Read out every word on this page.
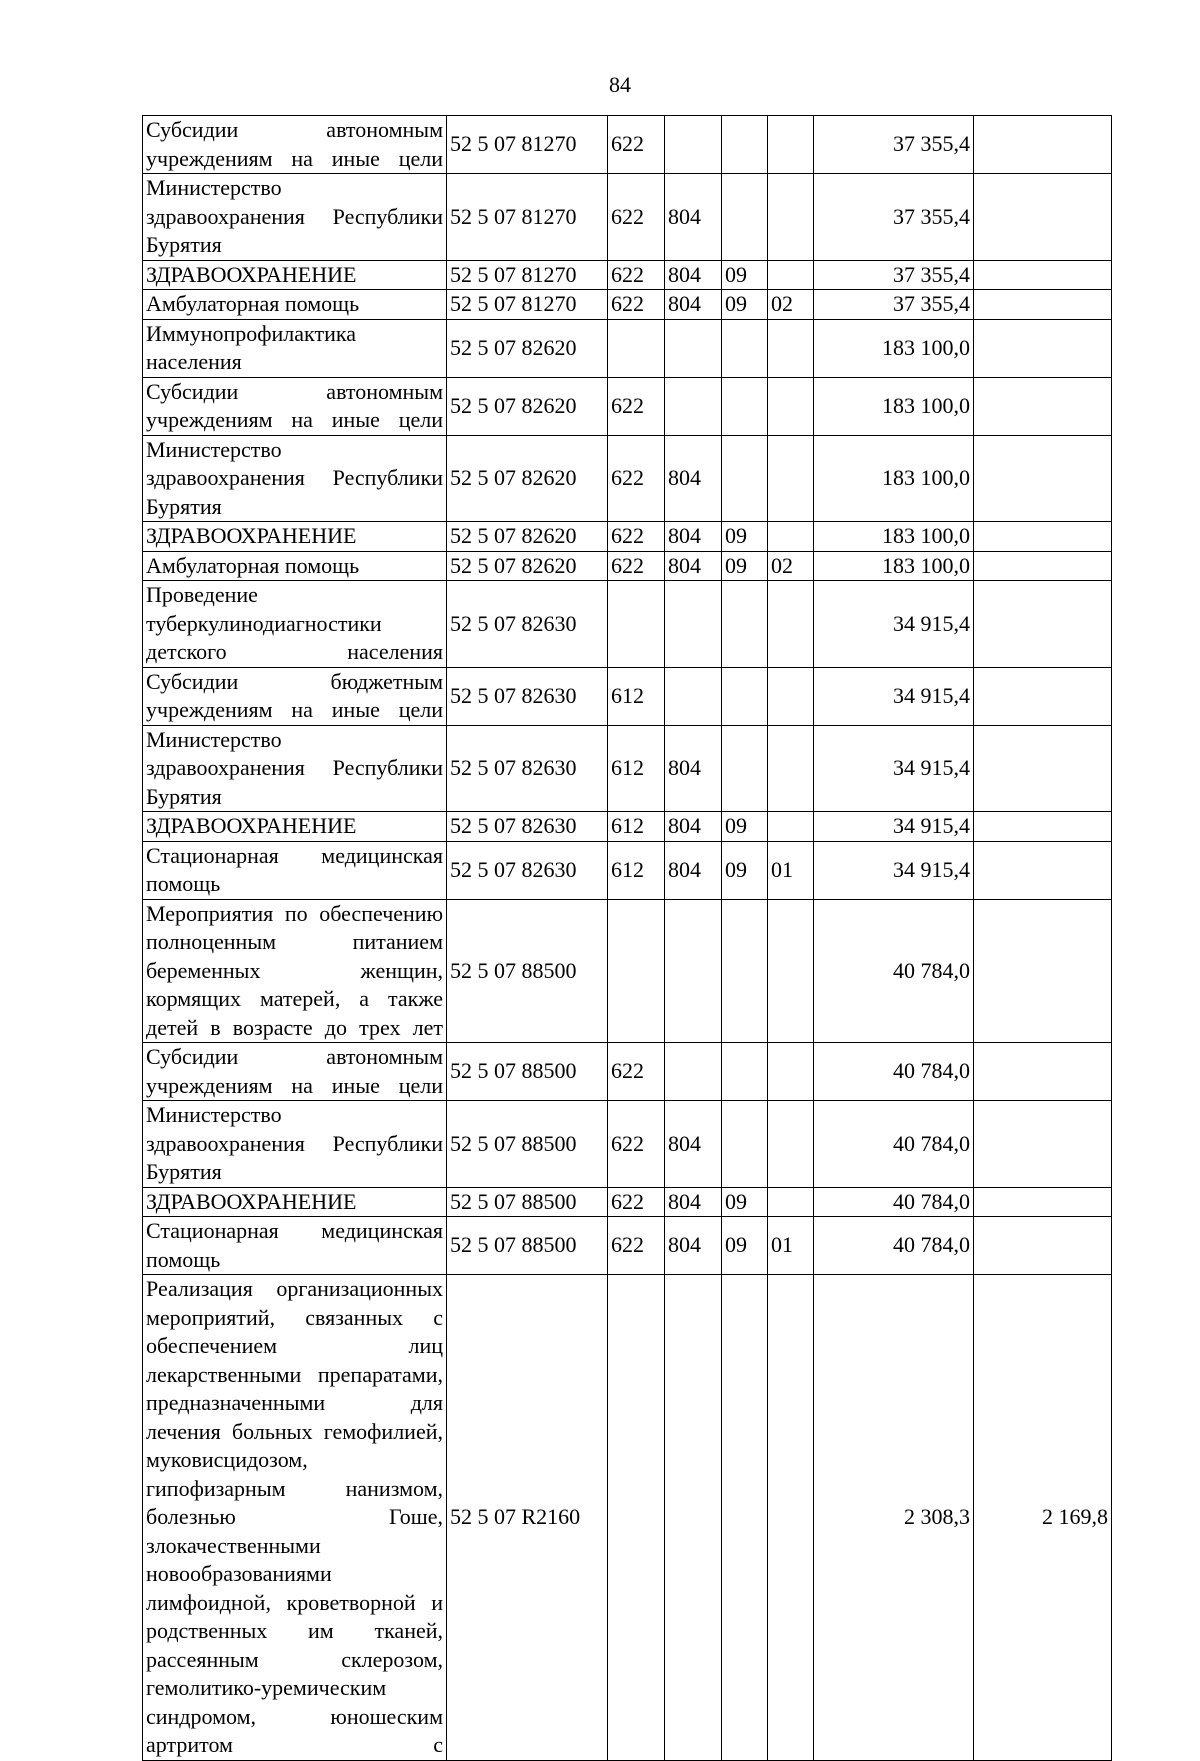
84
Субсидии автономным учреждениям на иные цели	52 5 07 81270	622				37 355,4	
Министерство здравоохранения Республики Бурятия	52 5 07 81270	622	804			37 355,4	
ЗДРАВООХРАНЕНИЕ	52 5 07 81270	622	804	09		37 355,4	
Амбулаторная помощь	52 5 07 81270	622	804	09	02	37 355,4	
Иммунопрофилактика населения	52 5 07 82620					183 100,0	
Субсидии автономным учреждениям на иные цели	52 5 07 82620	622				183 100,0	
Министерство здравоохранения Республики Бурятия	52 5 07 82620	622	804			183 100,0	
ЗДРАВООХРАНЕНИЕ	52 5 07 82620	622	804	09		183 100,0	
Амбулаторная помощь	52 5 07 82620	622	804	09	02	183 100,0	
Проведение туберкулинодиагностики детского населения	52 5 07 82630					34 915,4	
Субсидии бюджетным учреждениям на иные цели	52 5 07 82630	612				34 915,4	
Министерство здравоохранения Республики Бурятия	52 5 07 82630	612	804			34 915,4	
ЗДРАВООХРАНЕНИЕ	52 5 07 82630	612	804	09		34 915,4	
Стационарная медицинская помощь	52 5 07 82630	612	804	09	01	34 915,4	
Мероприятия по обеспечению полноценным питанием беременных женщин, кормящих матерей, а также детей в возрасте до трех лет	52 5 07 88500					40 784,0	
Субсидии автономным учреждениям на иные цели	52 5 07 88500	622				40 784,0	
Министерство здравоохранения Республики Бурятия	52 5 07 88500	622	804			40 784,0	
ЗДРАВООХРАНЕНИЕ	52 5 07 88500	622	804	09		40 784,0	
Стационарная медицинская помощь	52 5 07 88500	622	804	09	01	40 784,0	
Реализация организационных мероприятий, связанных с обеспечением лиц лекарственными препаратами, предназначенными для лечения больных гемофилией, муковисцидозом, гипофизарным нанизмом, болезнью Гоше, злокачественными новообразованиями лимфоидной, кроветворной и родственных им тканей, рассеянным склерозом, гемолитико-уремическим синдромом, юношеским артритом с	52 5 07 R2160					2 308,3	2 169,8
